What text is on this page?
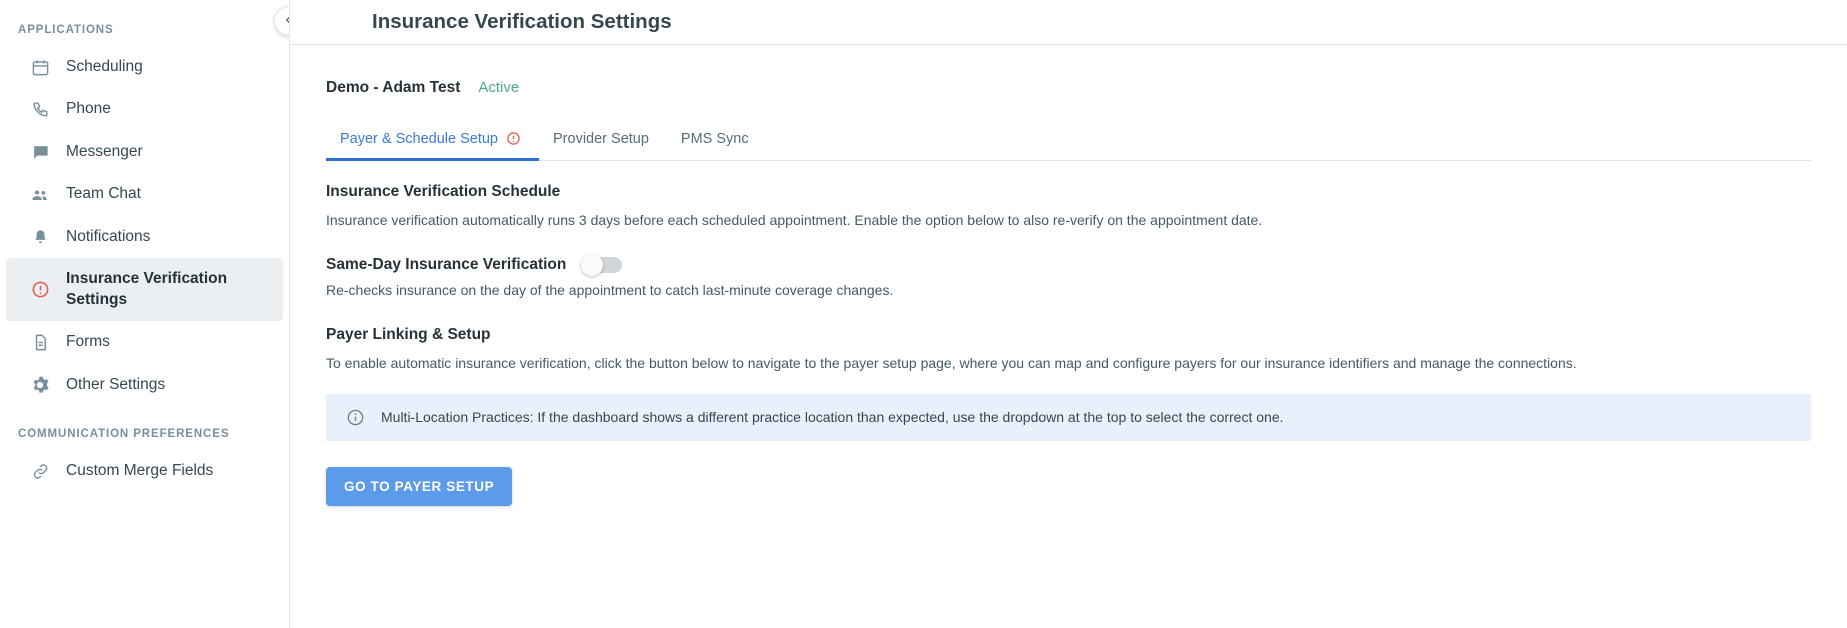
APPLICATIONS
Scheduling
Phone
Messenger
Team Chat
Notifications
Insurance Verification Settings
Forms
Other Settings
COMMUNICATION PREFERENCES
Custom Merge Fields
Insurance Verification Settings
Demo - Adam Test Active
Payer & Schedule Setup	Provider Setup PMS Sync
Insurance Verification Schedule

Insurance verification automatically runs 3 days before each scheduled appointment. Enable the option below to also re-verify on the appointment date.

Same-Day Insurance Verification

Re-checks insurance on the day of the appointment to catch last-minute coverage changes.

Payer Linking & Setup

To enable automatic insurance verification, click the button below to navigate to the payer setup page, where you can map and configure payers for our insurance identifiers and manage the connections.

Multi-Location Practices: If the dashboard shows a different practice location than expected, use the dropdown at the top to select the correct one.
GO TO PAYER SETUP
